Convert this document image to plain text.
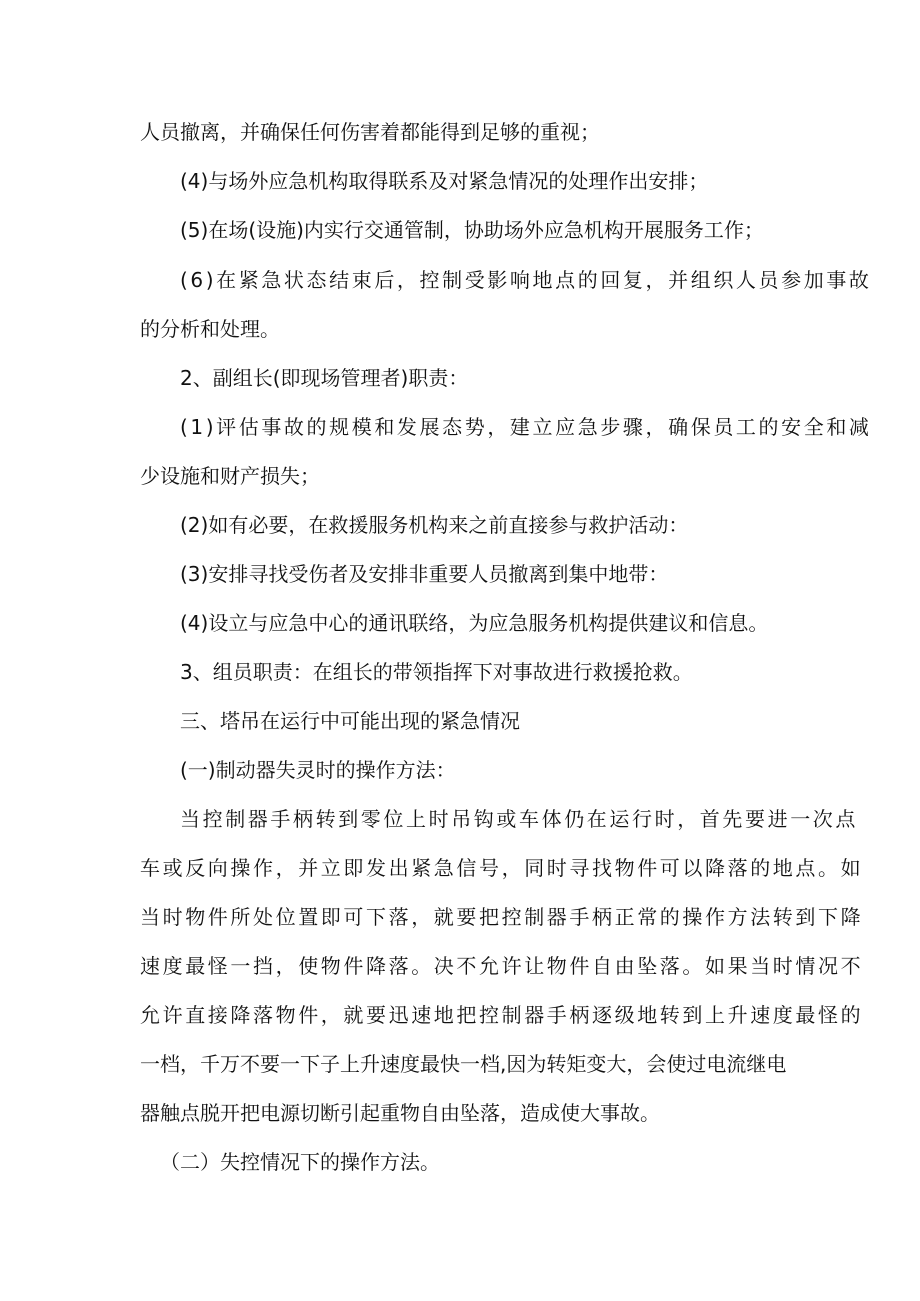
人员撤离，并确保任何伤害着都能得到足够的重视；
(4)与场外应急机构取得联系及对紧急情况的处理作出安排；
(5)在场(设施)内实行交通管制，协助场外应急机构开展服务工作；
(6)在紧急状态结束后，控制受影响地点的回复，并组织人员参加事故
的分析和处理。
2、副组长(即现场管理者)职责：
(1)评估事故的规模和发展态势，建立应急步骤，确保员工的安全和减
少设施和财产损失；
(2)如有必要，在救援服务机构来之前直接参与救护活动：
(3)安排寻找受伤者及安排非重要人员撤离到集中地带：
(4)设立与应急中心的通讯联络，为应急服务机构提供建议和信息。
3、组员职责：在组长的带领指挥下对事故进行救援抢救。
三、塔吊在运行中可能出现的紧急情况
(一)制动器失灵时的操作方法：
当控制器手柄转到零位上时吊钩或车体仍在运行时，首先要进一次点
车或反向操作，并立即发出紧急信号，同时寻找物件可以降落的地点。如
当时物件所处位置即可下落，就要把控制器手柄正常的操作方法转到下降
速度最怪一挡，使物件降落。决不允许让物件自由坠落。如果当时情况不
允许直接降落物件，就要迅速地把控制器手柄逐级地转到上升速度最怪的
一档，千万不要一下子上升速度最快一档,因为转矩变大，会使过电流继电
器触点脱开把电源切断引起重物自由坠落，造成使大事故。
（二）失控情况下的操作方法。
